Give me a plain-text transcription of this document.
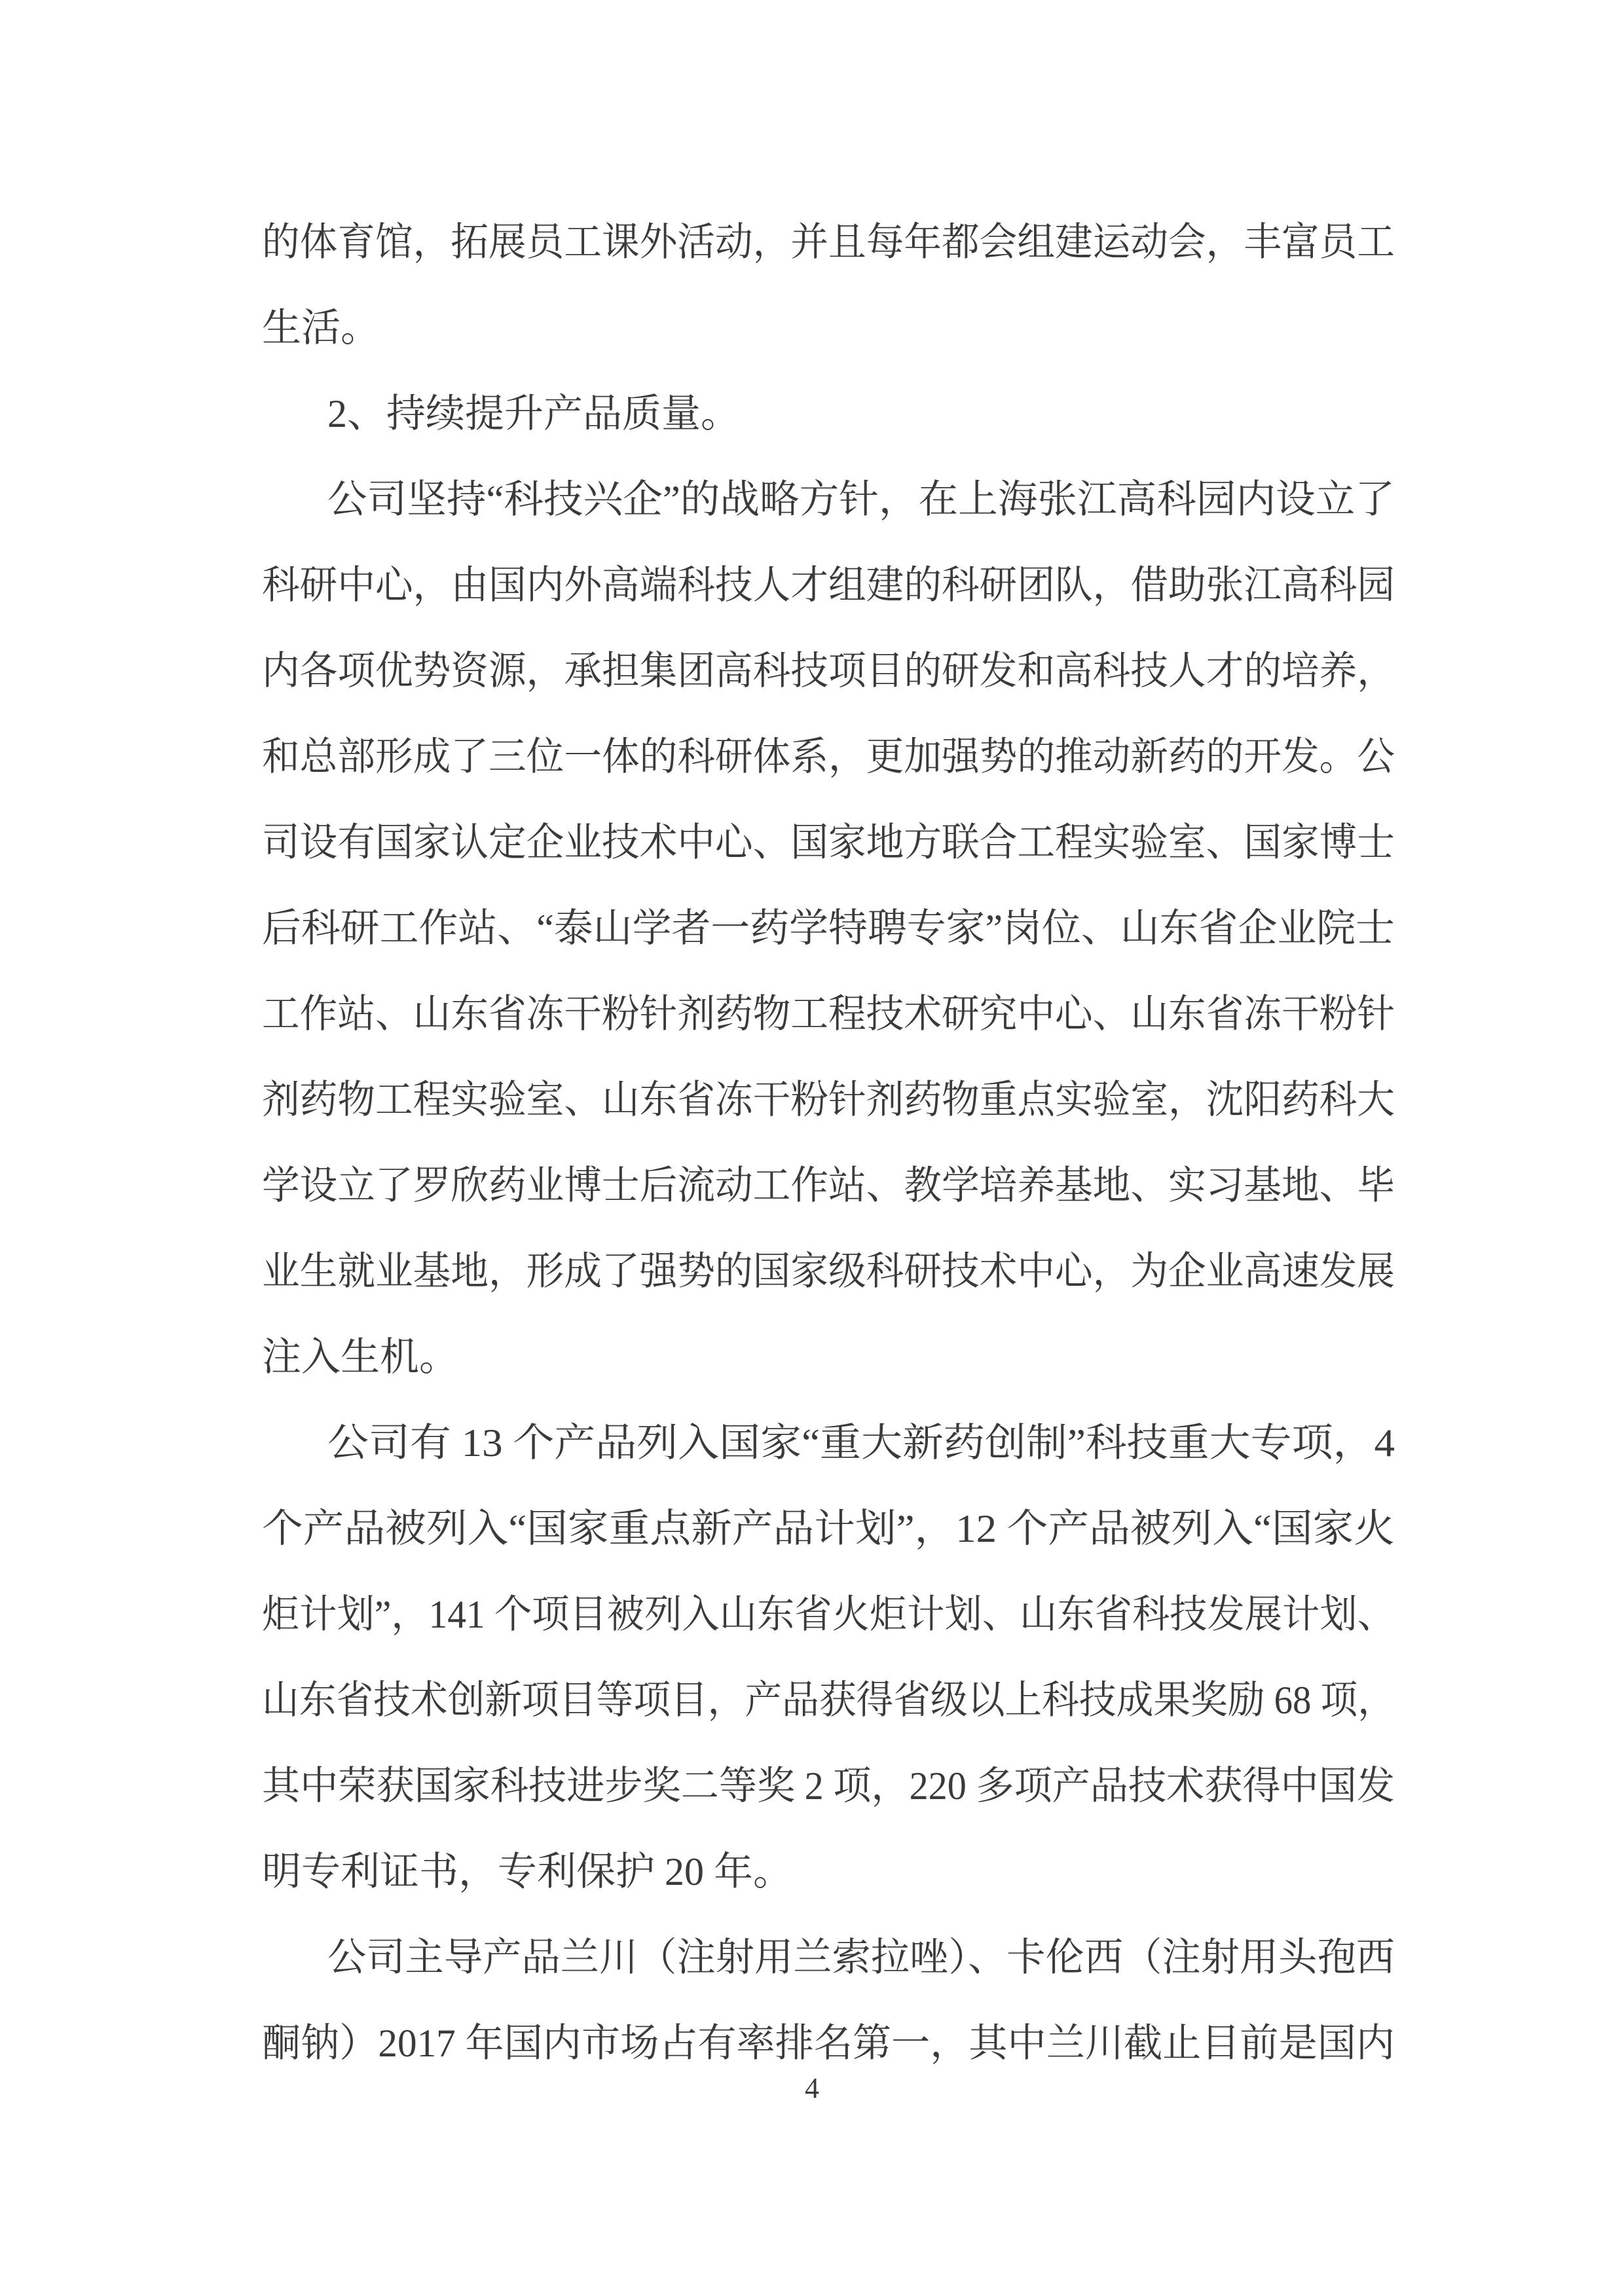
的体育馆，拓展员工课外活动，并且每年都会组建运动会，丰富员工
生活。
2、持续提升产品质量。
公司坚持“科技兴企”的战略方针，在上海张江高科园内设立了
科研中心，由国内外高端科技人才组建的科研团队，借助张江高科园
内各项优势资源，承担集团高科技项目的研发和高科技人才的培养，
和总部形成了三位一体的科研体系，更加强势的推动新药的开发。公
司设有国家认定企业技术中心、国家地方联合工程实验室、国家博士
后科研工作站、“泰山学者一药学特聘专家”岗位、山东省企业院士
工作站、山东省冻干粉针剂药物工程技术研究中心、山东省冻干粉针
剂药物工程实验室、山东省冻干粉针剂药物重点实验室，沈阳药科大
学设立了罗欣药业博士后流动工作站、教学培养基地、实习基地、毕
业生就业基地，形成了强势的国家级科研技术中心，为企业高速发展
注入生机。
公司有 13 个产品列入国家“重大新药创制”科技重大专项，4
个产品被列入“国家重点新产品计划”，12 个产品被列入“国家火
炬计划”，141 个项目被列入山东省火炬计划、山东省科技发展计划、
山东省技术创新项目等项目，产品获得省级以上科技成果奖励 68 项，
其中荣获国家科技进步奖二等奖 2 项，220 多项产品技术获得中国发
明专利证书，专利保护 20 年。
公司主导产品兰川（注射用兰索拉唑）、卡伦西（注射用头孢西
酮钠）2017 年国内市场占有率排名第一，其中兰川截止目前是国内
4
